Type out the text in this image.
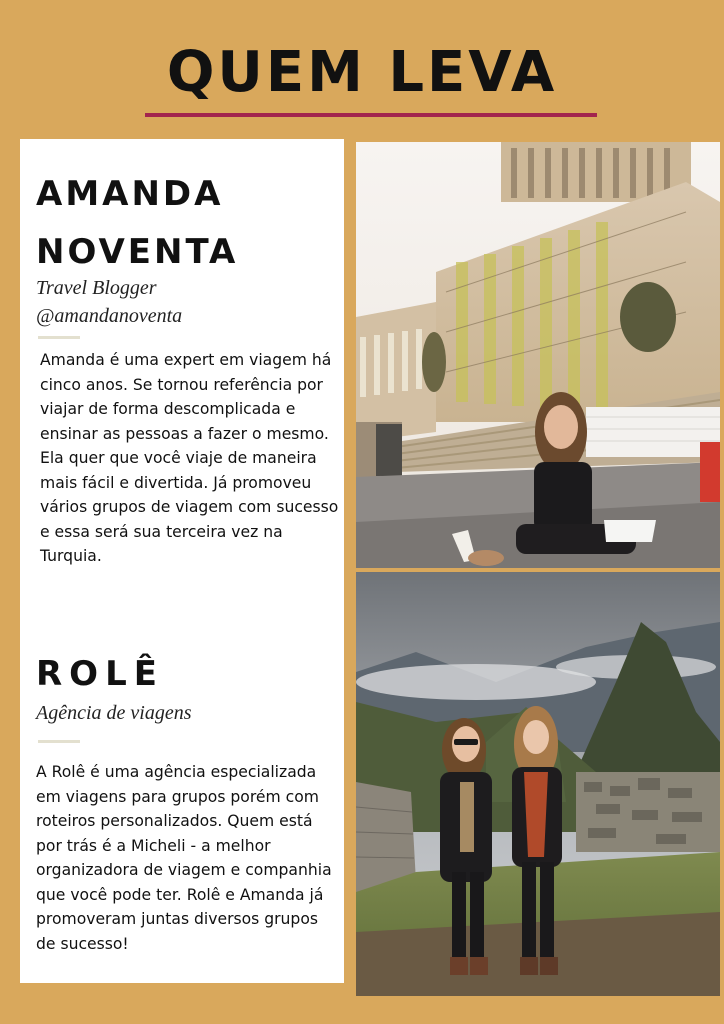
QUEM LEVA
AMANDA
NOVENTA

Travel Blogger

@amandanoventa

Amanda é uma expert em viagem há cinco anos. Se tornou referência por viajar de forma descomplicada e ensinar as pessoas a fazer o mesmo. Ela quer que você viaje de maneira mais fácil e divertida. Já promoveu vários grupos de viagem com sucesso e essa será sua terceira vez na Turquia.

ROLÊ

Agência de viagens

A Rolê é uma agência especializada em viagens para grupos porém com roteiros personalizados. Quem está por trás é a Micheli - a melhor organizadora de viagem e companhia que você pode ter. Rolê e Amanda já promoveram juntas diversos grupos de sucesso!
